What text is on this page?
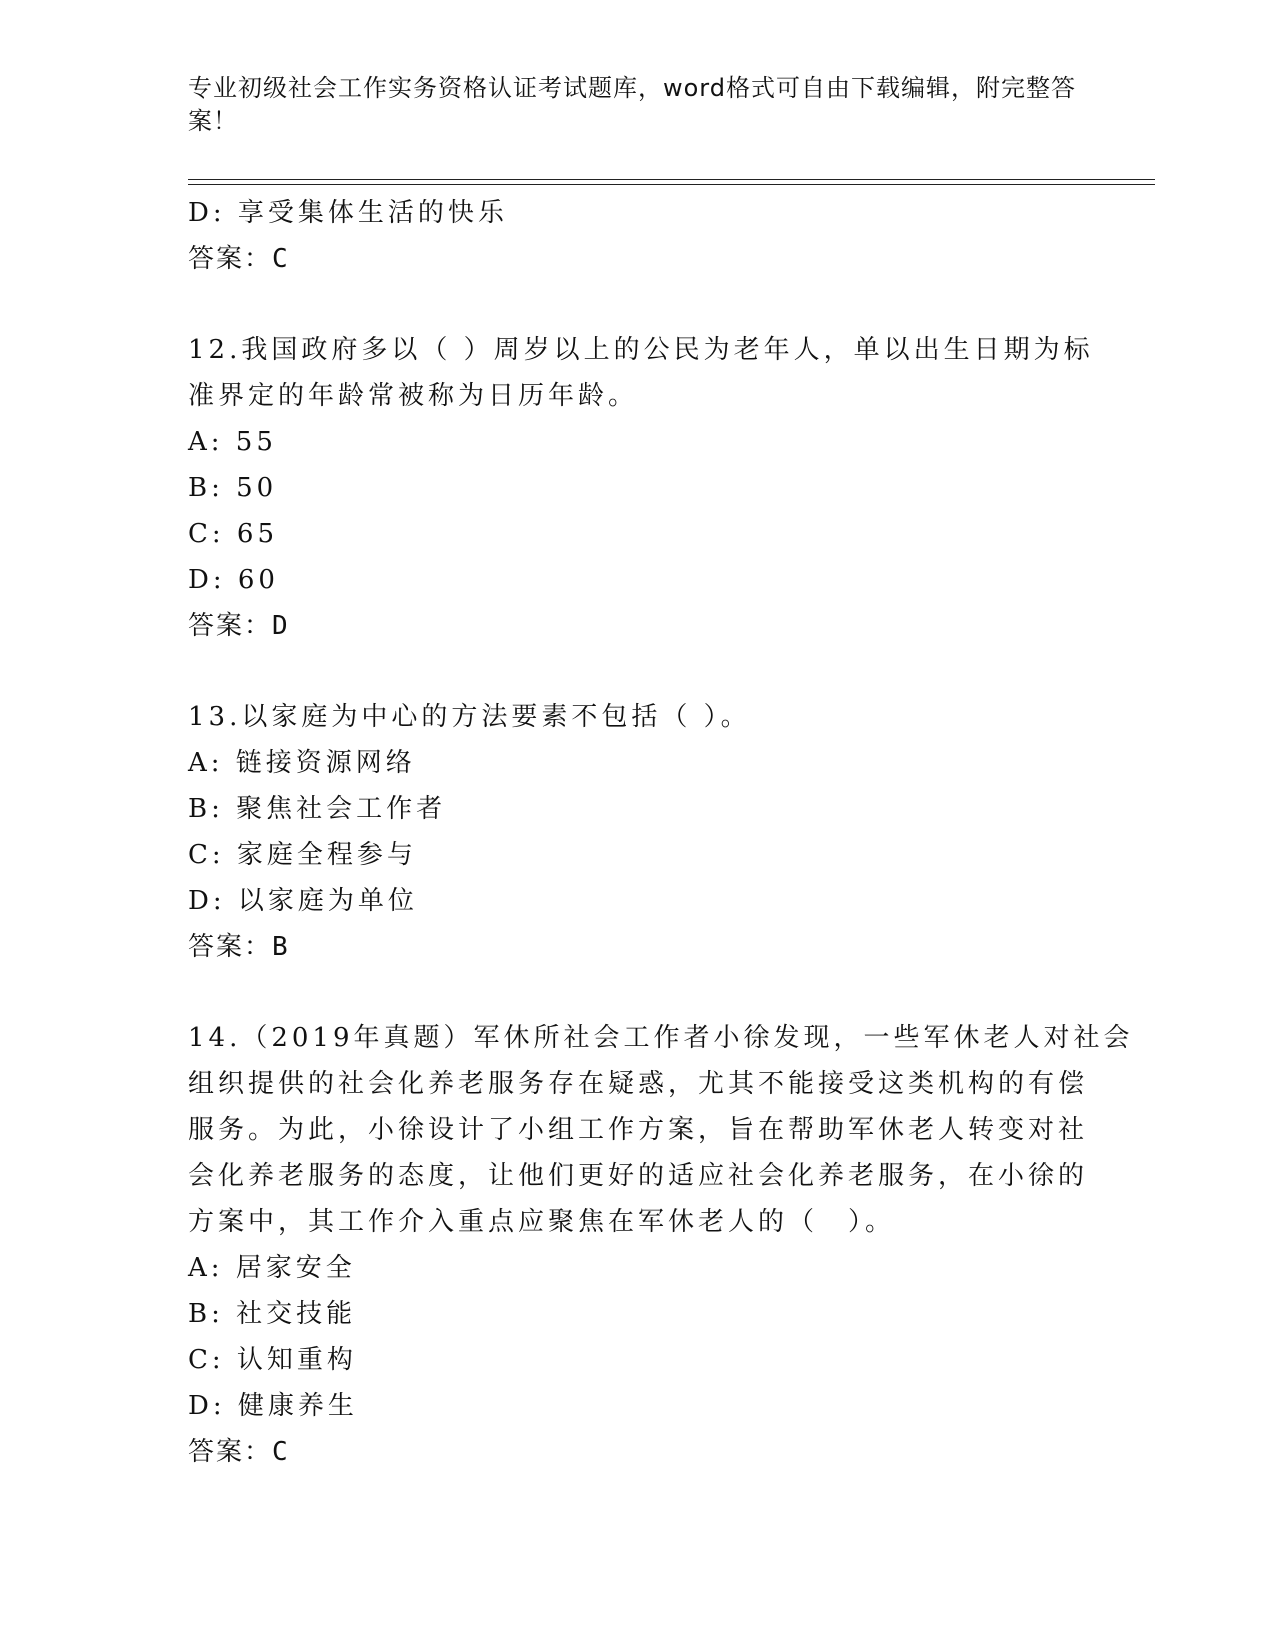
专业初级社会工作实务资格认证考试题库，word格式可自由下载编辑，附完整答
案！
D: 享受集体生活的快乐
答案：C
12.我国政府多以（ ）周岁以上的公民为老年人，单以出生日期为标
准界定的年龄常被称为日历年龄。
A: 55
B: 50
C: 65
D: 60
答案：D
13.以家庭为中心的方法要素不包括（ ）。
A: 链接资源网络
B: 聚焦社会工作者
C: 家庭全程参与
D: 以家庭为单位
答案：B
14.（2019年真题）军休所社会工作者小徐发现，一些军休老人对社会
组织提供的社会化养老服务存在疑惑，尤其不能接受这类机构的有偿
服务。为此，小徐设计了小组工作方案，旨在帮助军休老人转变对社
会化养老服务的态度，让他们更好的适应社会化养老服务，在小徐的
方案中，其工作介入重点应聚焦在军休老人的（　）。
A: 居家安全
B: 社交技能
C: 认知重构
D: 健康养生
答案：C
